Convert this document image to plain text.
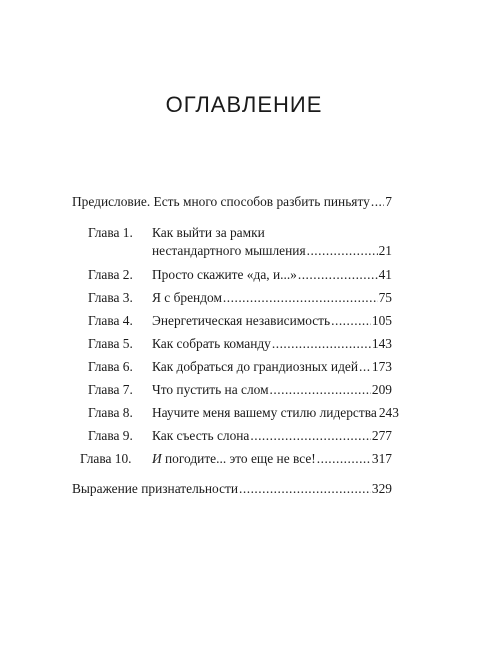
ОГЛАВЛЕНИЕ
Предисловие. Есть много способов разбить пиньяту ..... 7
Глава 1.	Как выйти за рамки
нестандартного мышления .....	21
Глава 2.	Просто скажите «да, и...» .....	41
Глава 3.	Я с брендом .....	75
Глава 4.	Энергетическая независимость .....	105
Глава 5.	Как собрать команду .....	143
Глава 6.	Как добраться до грандиозных идей ..... 173
Глава 7.	Что пустить на слом .....	209
Глава 8.	Научите меня вашему стилю лидерства 243
Глава 9.	Как съесть слона .....	277
Глава 10.	И погодите... это еще не все! .....	317
Выражение признательности .....	329
